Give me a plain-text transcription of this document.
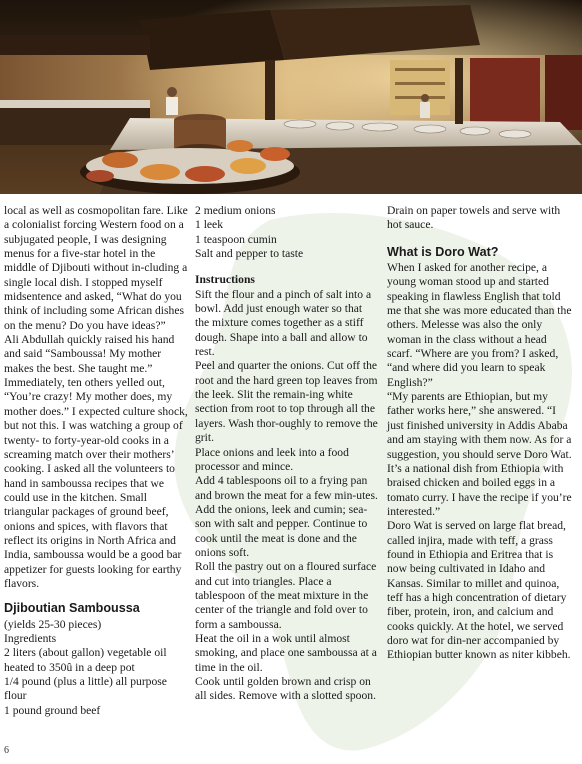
local as well as cosmopolitan fare. Like a colonialist forcing Western food on a subjugated people, I was designing menus for a five-star hotel in the middle of Djibouti without in-cluding a single local dish. I stopped myself midsentence and asked, “What do you think of including some African dishes on the menu? Do you have ideas?”

Ali Abdullah quickly raised his hand and said “Samboussa! My mother makes the best. She taught me.” Immediately, ten others yelled out, “You’re crazy! My mother does, my mother does.” I expected culture shock, but not this. I was watching a group of twenty- to forty-year-old cooks in a screaming match over their mothers’ cooking. I asked all the volunteers to hand in samboussa recipes that we could use in the kitchen. Small triangular packages of ground beef, onions and spices, with flavors that reflect its origins in North Africa and India, samboussa would be a good bar appetizer for guests looking for earthy flavors.

Djiboutian Samboussa

(yields 25-30 pieces)

Ingredients

2 liters (about gallon) vegetable oil heated to 350û in a deep pot

1/4 pound (plus a little) all purpose flour

1 pound ground beef

2 medium onions

1 leek

1 teaspoon cumin

Salt and pepper to taste

Instructions

Sift the flour and a pinch of salt into a bowl. Add just enough water so that the mixture comes together as a stiff dough. Shape into a ball and allow to rest.

Peel and quarter the onions. Cut off the root and the hard green top leaves from the leek. Slit the remain-ing white section from root to top through all the layers. Wash thor-oughly to remove the grit.

Place onions and leek into a food processor and mince.

Add 4 tablespoons oil to a frying pan and brown the meat for a few min-utes.

Add the onions, leek and cumin; sea-son with salt and pepper. Continue to cook until the meat is done and the onions soft.

Roll the pastry out on a floured surface and cut into triangles. Place a tablespoon of the meat mixture in the center of the triangle and fold over to form a samboussa.

Heat the oil in a wok until almost smoking, and place one samboussa at a time in the oil.

Cook until golden brown and crisp on all sides. Remove with a slotted spoon.

Drain on paper towels and serve with hot sauce.

What is Doro Wat?

When I asked for another recipe, a young woman stood up and started speaking in flawless English that told me that she was more educated than the others. Melesse was also the only woman in the class without a head scarf. “Where are you from? I asked, “and where did you learn to speak English?”

“My parents are Ethiopian, but my father works here,” she answered. “I just finished university in Addis Ababa and am staying with them now. As for a suggestion, you should serve Doro Wat. It’s a national dish from Ethiopia with braised chicken and boiled eggs in a tomato curry. I have the recipe if you’re interested.”

Doro Wat is served on large flat bread, called injira, made with teff, a grass found in Ethiopia and Eritrea that is now being cultivated in Idaho and Kansas. Similar to millet and quinoa, teff has a high concentration of dietary fiber, protein, iron, and calcium and cooks quickly. At the hotel, we served doro wat for din-ner accompanied by Ethiopian butter known as niter kibbeh.

6
